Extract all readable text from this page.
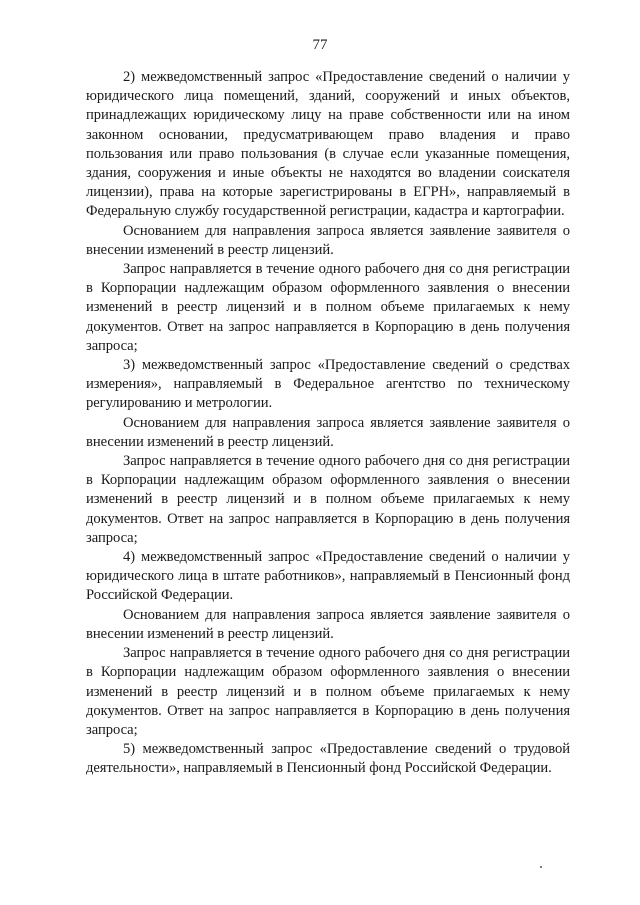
77

2) межведомственный запрос «Предоставление сведений о наличии у юридического лица помещений, зданий, сооружений и иных объектов, принадлежащих юридическому лицу на праве собственности или на ином законном основании, предусматривающем право владения и право пользования или право пользования (в случае если указанные помещения, здания, сооружения и иные объекты не находятся во владении соискателя лицензии), права на которые зарегистрированы в ЕГРН», направляемый в Федеральную службу государственной регистрации, кадастра и картографии.

Основанием для направления запроса является заявление заявителя о внесении изменений в реестр лицензий.

Запрос направляется в течение одного рабочего дня со дня регистрации в Корпорации надлежащим образом оформленного заявления о внесении изменений в реестр лицензий и в полном объеме прилагаемых к нему документов. Ответ на запрос направляется в Корпорацию в день получения запроса;

3) межведомственный запрос «Предоставление сведений о средствах измерения», направляемый в Федеральное агентство по техническому регулированию и метрологии.

Основанием для направления запроса является заявление заявителя о внесении изменений в реестр лицензий.

Запрос направляется в течение одного рабочего дня со дня регистрации в Корпорации надлежащим образом оформленного заявления о внесении изменений в реестр лицензий и в полном объеме прилагаемых к нему документов. Ответ на запрос направляется в Корпорацию в день получения запроса;

4) межведомственный запрос «Предоставление сведений о наличии у юридического лица в штате работников», направляемый в Пенсионный фонд Российской Федерации.

Основанием для направления запроса является заявление заявителя о внесении изменений в реестр лицензий.

Запрос направляется в течение одного рабочего дня со дня регистрации в Корпорации надлежащим образом оформленного заявления о внесении изменений в реестр лицензий и в полном объеме прилагаемых к нему документов. Ответ на запрос направляется в Корпорацию в день получения запроса;

5) межведомственный запрос «Предоставление сведений о трудовой деятельности», направляемый в Пенсионный фонд Российской Федерации.
